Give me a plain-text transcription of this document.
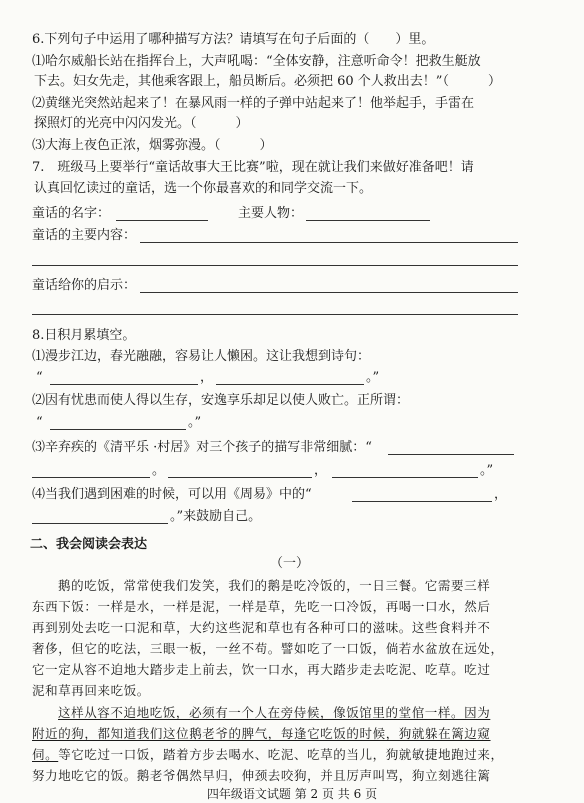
6.下列句子中运用了哪种描写方法？请填写在句子后面的（　　）里。
⑴哈尔威船长站在指挥台上，大声吼喝：“全体安静，注意听命令！把救生艇放
下去。妇女先走，其他乘客跟上，船员断后。必须把 60 个人救出去！”（　　　）
⑵黄继光突然站起来了！在暴风雨一样的子弹中站起来了！他举起手，手雷在
探照灯的光亮中闪闪发光。（　　　）
⑶大海上夜色正浓，烟雾弥漫。（　　　）
7.　班级马上要举行“童话故事大王比赛”啦，现在就让我们来做好准备吧！请
认真回忆读过的童话，选一个你最喜欢的和同学交流一下。
童话的名字：	主要人物：
童话的主要内容：
童话给你的启示：
8.日积月累填空。
⑴漫步江边，春光融融，容易让人懒困。这让我想到诗句：
“	，	。”
⑵因有忧患而使人得以生存，安逸享乐却足以使人败亡。正所谓：
“	。”
⑶辛弃疾的《清平乐 ·村居》对三个孩子的描写非常细腻：“
。	，	。”
⑷当我们遇到困难的时候，可以用《周易》中的“	，
。”来鼓励自己。
二、我会阅读会表达
（一）
鹅的吃饭，常常使我们发笑，我们的鹅是吃冷饭的，一日三餐。它需要三样
东西下饭：一样是水，一样是泥，一样是草，先吃一口冷饭，再喝一口水，然后
再到别处去吃一口泥和草，大约这些泥和草也有各种可口的滋味。这些食料并不
奢侈，但它的吃法，三眼一板，一丝不苟。譬如吃了一口饭，倘若水盆放在远处，
它一定从容不迫地大踏步走上前去，饮一口水，再大踏步走去吃泥、吃草。吃过
泥和草再回来吃饭。
这样从容不迫地吃饭，必须有一个人在旁侍候，像饭馆里的堂倌一样。因为
附近的狗，都知道我们这位鹅老爷的脾气，每逢它吃饭的时候，狗就躲在篱边窥
伺。等它吃过一口饭，踏着方步去喝水、吃泥、吃草的当儿，狗就敏捷地跑过来，
努力地吃它的饭。鹅老爷偶然早归，伸颈去咬狗，并且厉声叫骂，狗立刻逃往篱
四年级语文试题 第 2 页 共 6 页
